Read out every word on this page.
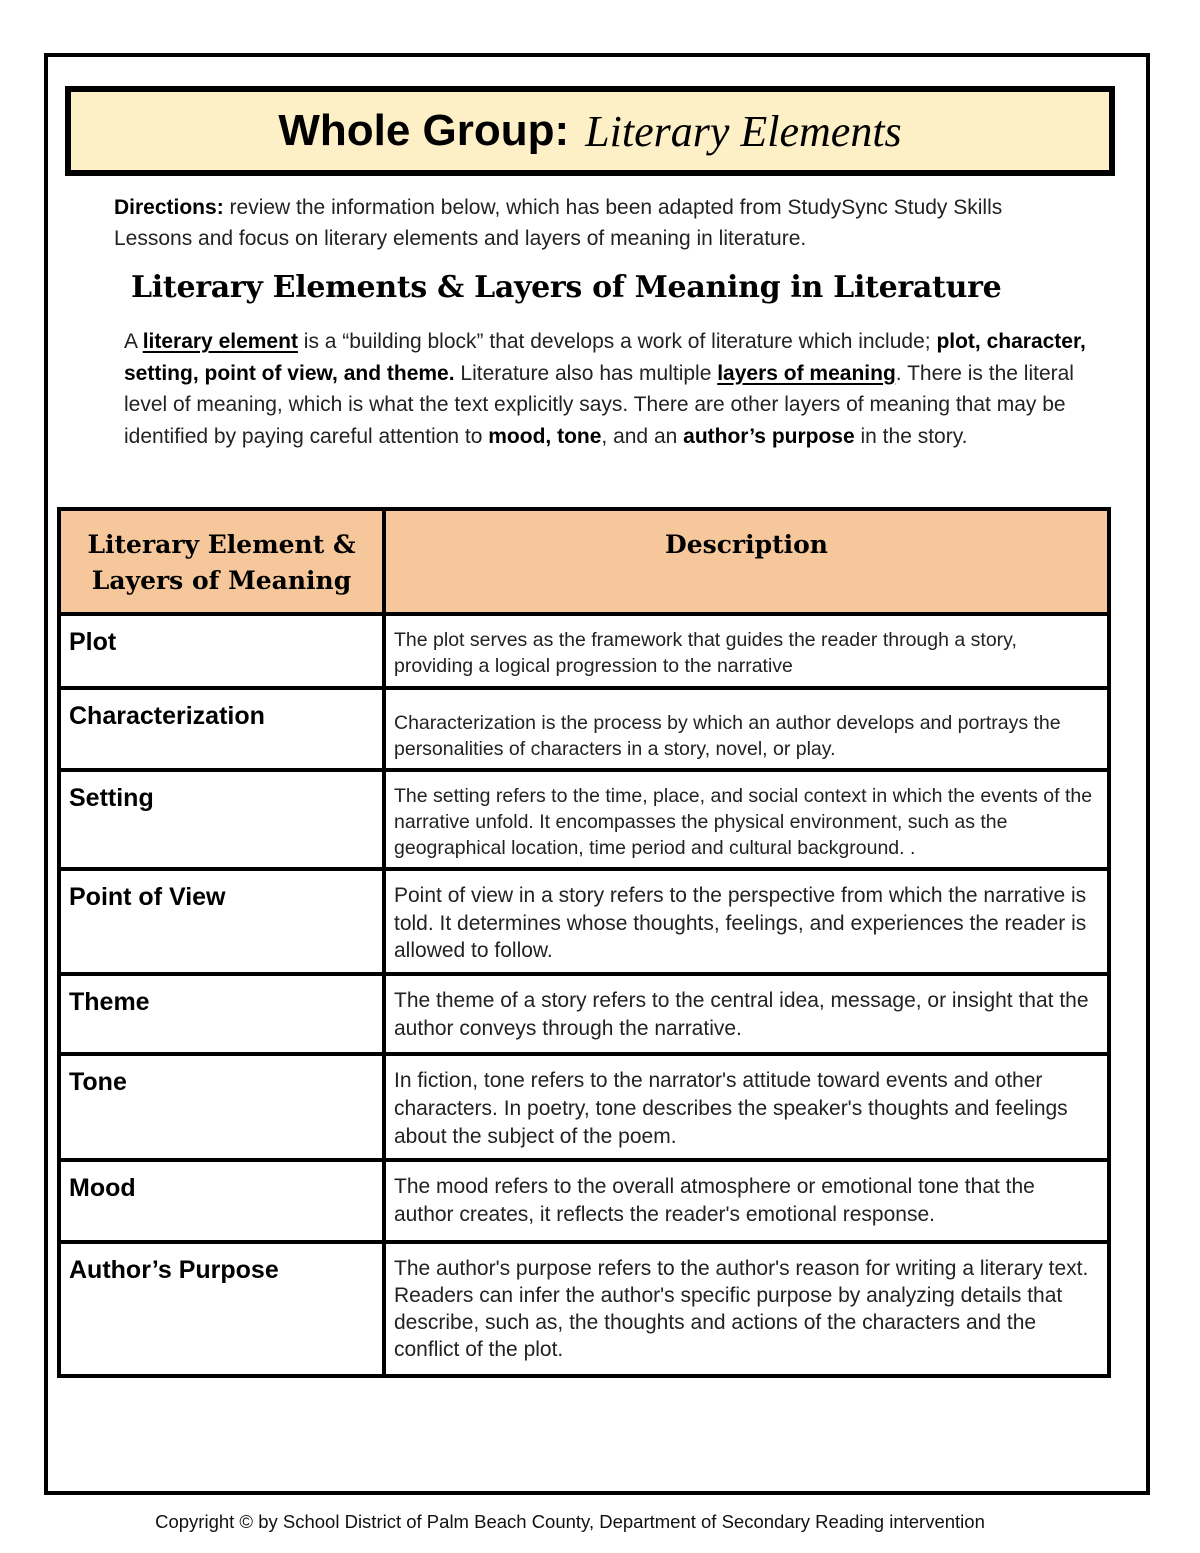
Whole Group: Literary Elements
Directions: review the information below, which has been adapted from StudySync Study Skills Lessons and focus on literary elements and layers of meaning in literature.
Literary Elements & Layers of Meaning in Literature
A literary element is a “building block” that develops a work of literature which include; plot, character, setting, point of view, and theme. Literature also has multiple layers of meaning. There is the literal level of meaning, which is what the text explicitly says. There are other layers of meaning that may be identified by paying careful attention to mood, tone, and an author’s purpose in the story.
Literary Element & Layers of Meaning	Description
Plot	The plot serves as the framework that guides the reader through a story, providing a logical progression to the narrative
Characterization	Characterization is the process by which an author develops and portrays the personalities of characters in a story, novel, or play.
Setting	The setting refers to the time, place, and social context in which the events of the narrative unfold. It encompasses the physical environment, such as the geographical location, time period and cultural background. .
Point of View	Point of view in a story refers to the perspective from which the narrative is told. It determines whose thoughts, feelings, and experiences the reader is allowed to follow.
Theme	The theme of a story refers to the central idea, message, or insight that the author conveys through the narrative.
Tone	In fiction, tone refers to the narrator's attitude toward events and other characters. In poetry, tone describes the speaker's thoughts and feelings about the subject of the poem.
Mood	The mood refers to the overall atmosphere or emotional tone that the author creates, it reflects the reader's emotional response.
Author’s Purpose	The author's purpose refers to the author's reason for writing a literary text. Readers can infer the author's specific purpose by analyzing details that describe, such as, the thoughts and actions of the characters and the conflict of the plot.
Copyright © by School District of Palm Beach County, Department of Secondary Reading intervention
